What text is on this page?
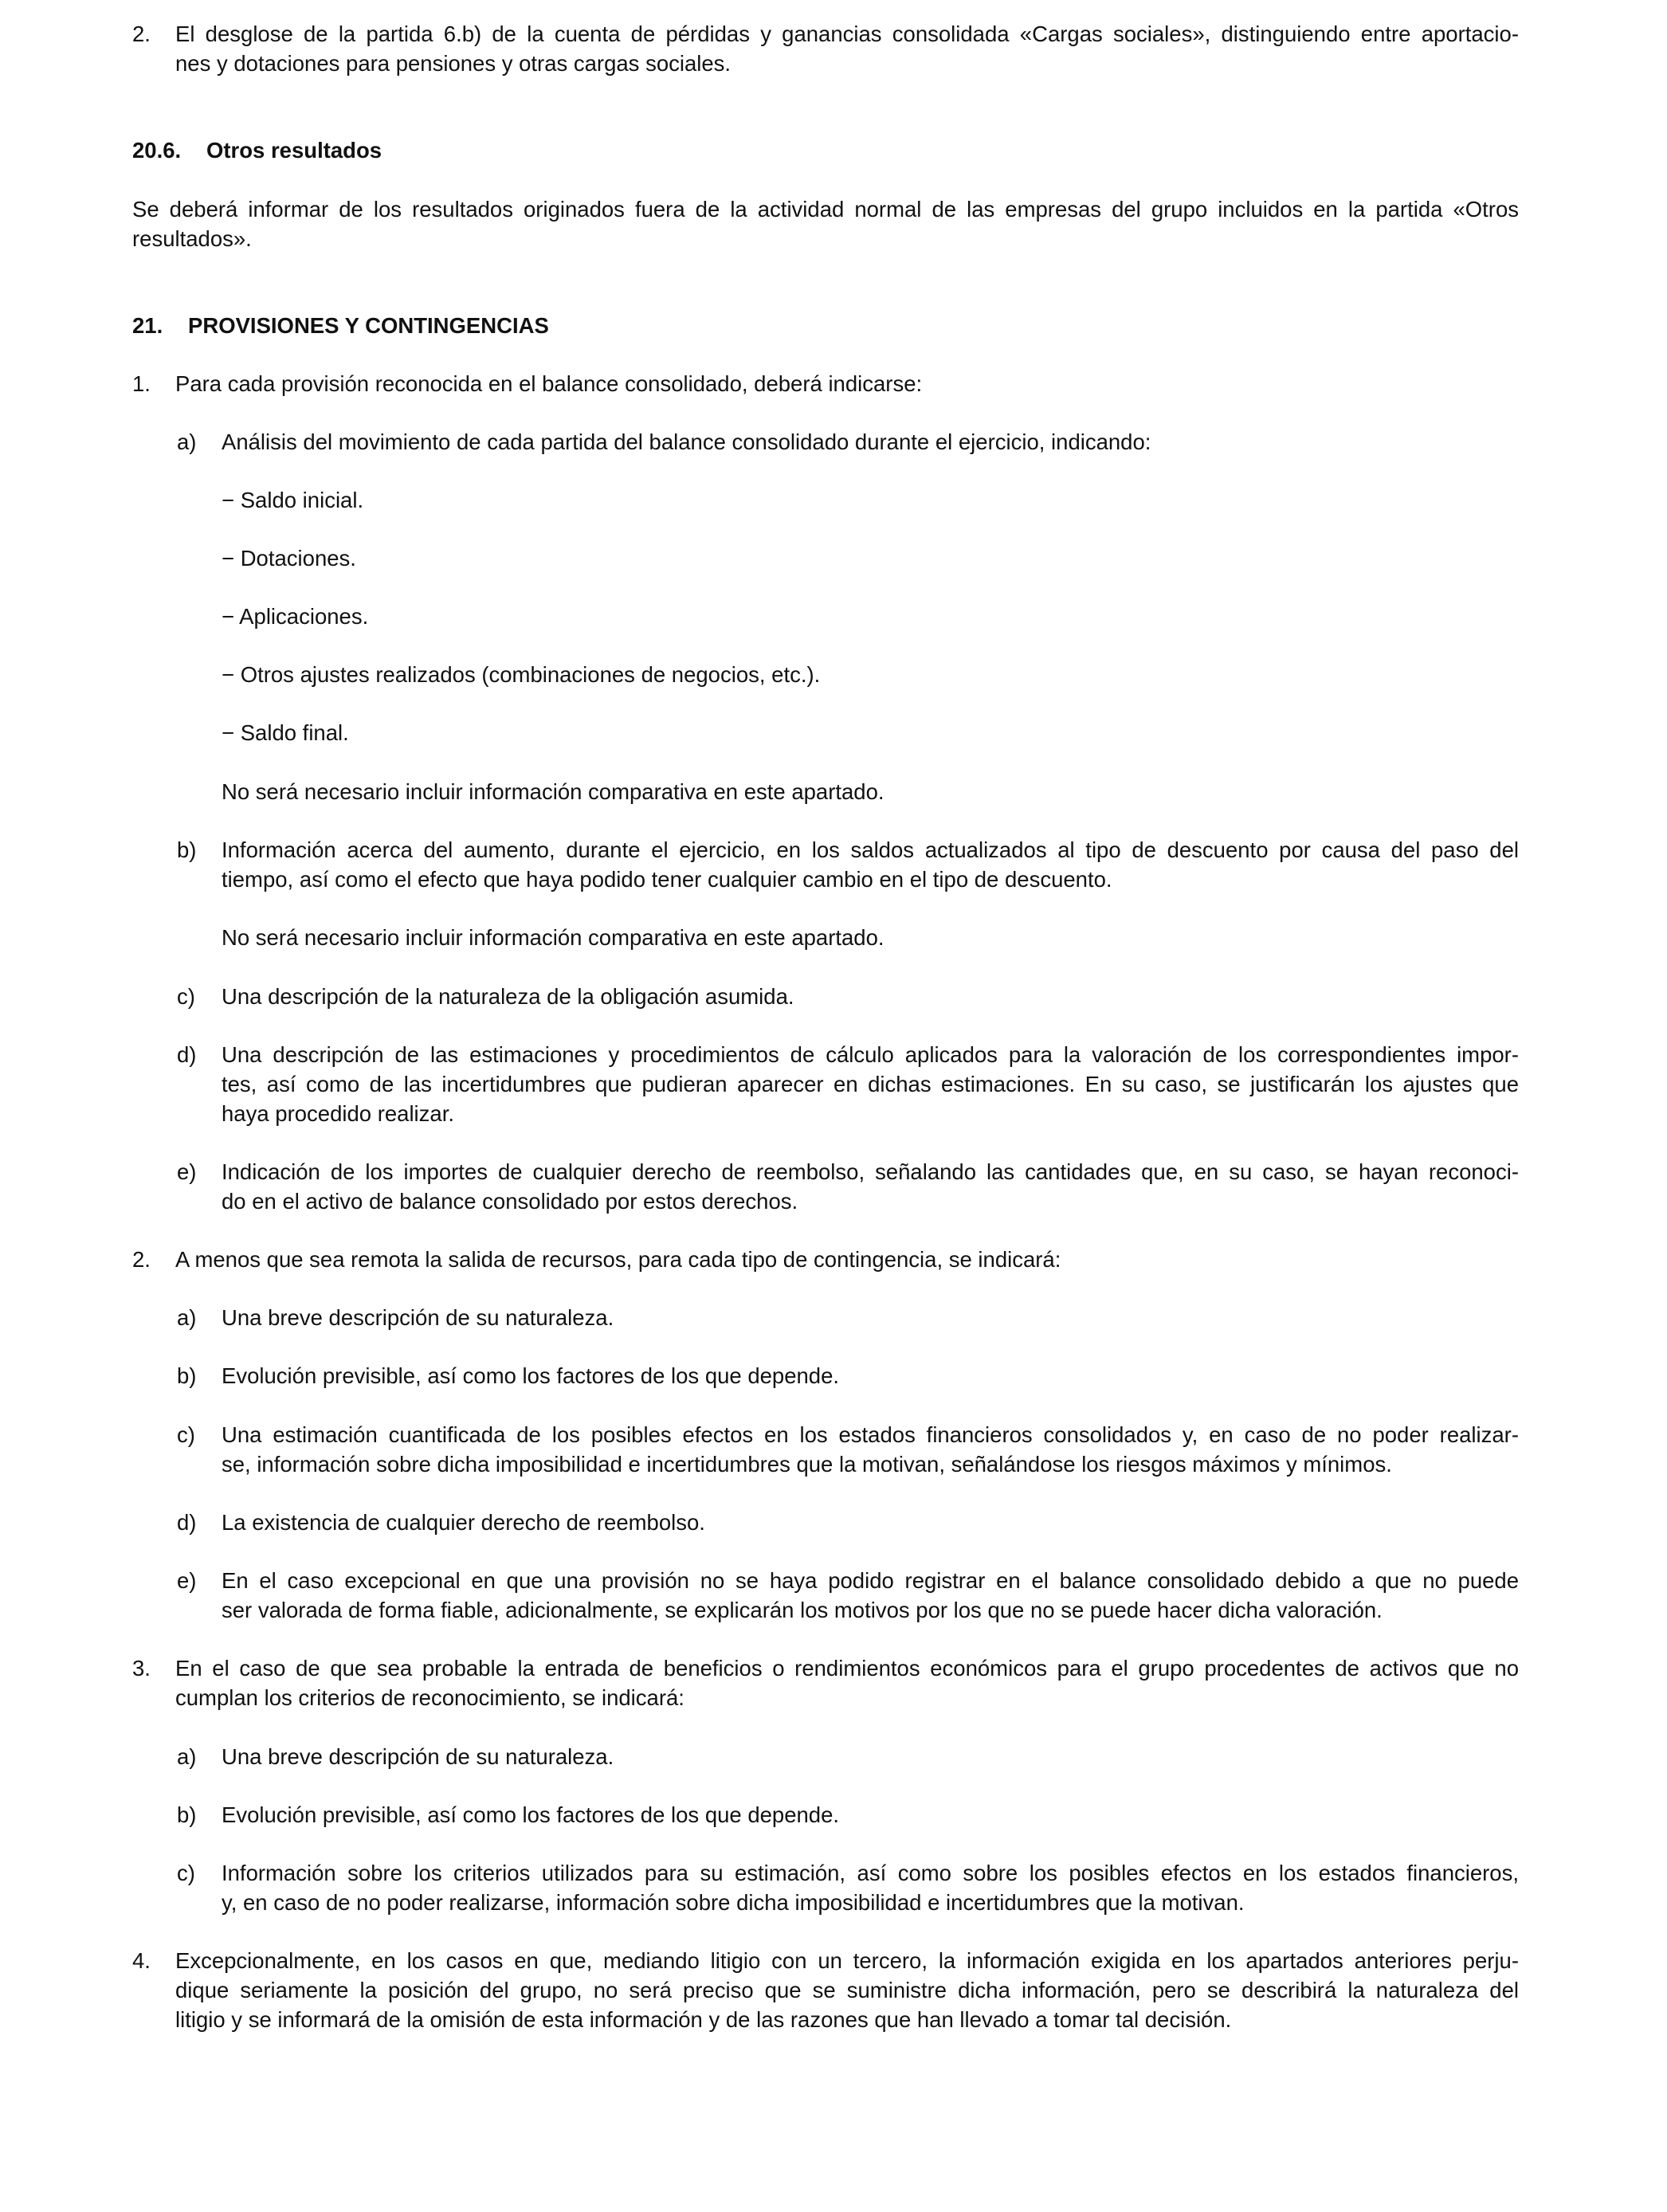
2. El desglose de la partida 6.b) de la cuenta de pérdidas y ganancias consolidada «Cargas sociales», distinguiendo entre aportacio-
nes y dotaciones para pensiones y otras cargas sociales.
20.6. Otros resultados
Se deberá informar de los resultados originados fuera de la actividad normal de las empresas del grupo incluidos en la partida «Otros
resultados».
21. PROVISIONES Y CONTINGENCIAS
1. Para cada provisión reconocida en el balance consolidado, deberá indicarse:
a) Análisis del movimiento de cada partida del balance consolidado durante el ejercicio, indicando:
− Saldo inicial.
− Dotaciones.
− Aplicaciones.
− Otros ajustes realizados (combinaciones de negocios, etc.).
− Saldo final.
No será necesario incluir información comparativa en este apartado.
b) Información acerca del aumento, durante el ejercicio, en los saldos actualizados al tipo de descuento por causa del paso del
tiempo, así como el efecto que haya podido tener cualquier cambio en el tipo de descuento.
No será necesario incluir información comparativa en este apartado.
c) Una descripción de la naturaleza de la obligación asumida.
d) Una descripción de las estimaciones y procedimientos de cálculo aplicados para la valoración de los correspondientes impor-
tes, así como de las incertidumbres que pudieran aparecer en dichas estimaciones. En su caso, se justificarán los ajustes que
haya procedido realizar.
e) Indicación de los importes de cualquier derecho de reembolso, señalando las cantidades que, en su caso, se hayan reconoci-
do en el activo de balance consolidado por estos derechos.
2. A menos que sea remota la salida de recursos, para cada tipo de contingencia, se indicará:
a) Una breve descripción de su naturaleza.
b) Evolución previsible, así como los factores de los que depende.
c) Una estimación cuantificada de los posibles efectos en los estados financieros consolidados y, en caso de no poder realizar-
se, información sobre dicha imposibilidad e incertidumbres que la motivan, señalándose los riesgos máximos y mínimos.
d) La existencia de cualquier derecho de reembolso.
e) En el caso excepcional en que una provisión no se haya podido registrar en el balance consolidado debido a que no puede
ser valorada de forma fiable, adicionalmente, se explicarán los motivos por los que no se puede hacer dicha valoración.
3. En el caso de que sea probable la entrada de beneficios o rendimientos económicos para el grupo procedentes de activos que no
cumplan los criterios de reconocimiento, se indicará:
a) Una breve descripción de su naturaleza.
b) Evolución previsible, así como los factores de los que depende.
c) Información sobre los criterios utilizados para su estimación, así como sobre los posibles efectos en los estados financieros,
y, en caso de no poder realizarse, información sobre dicha imposibilidad e incertidumbres que la motivan.
4. Excepcionalmente, en los casos en que, mediando litigio con un tercero, la información exigida en los apartados anteriores perju-
dique seriamente la posición del grupo, no será preciso que se suministre dicha información, pero se describirá la naturaleza del
litigio y se informará de la omisión de esta información y de las razones que han llevado a tomar tal decisión.
